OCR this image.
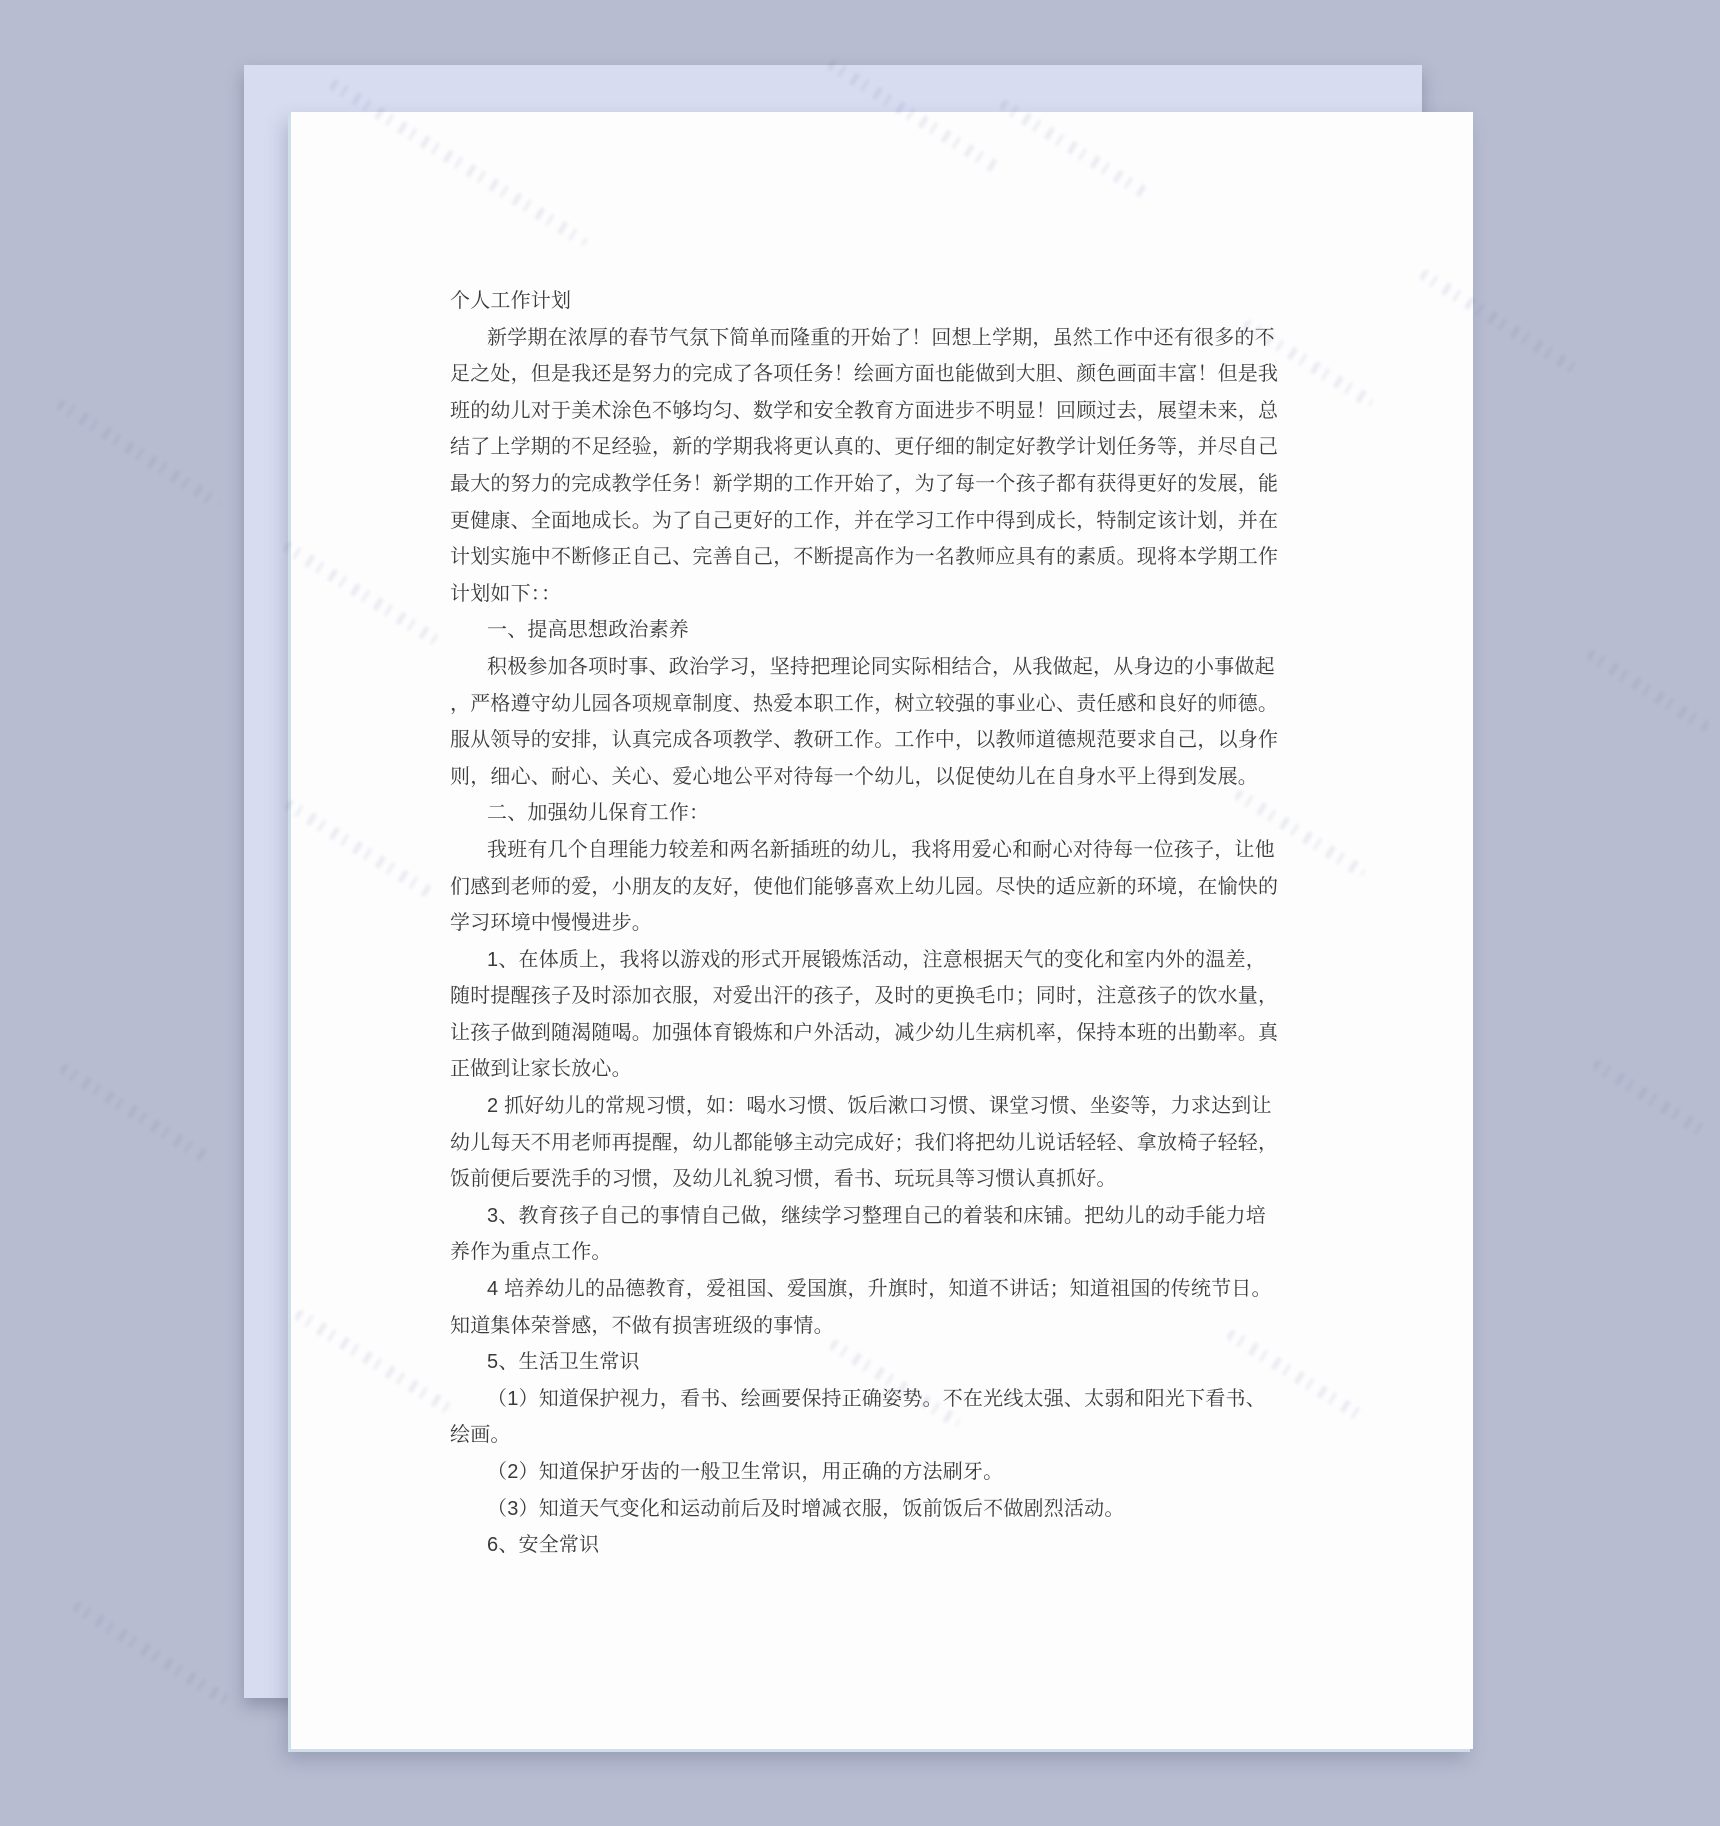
个人工作计划
新学期在浓厚的春节气氛下简单而隆重的开始了！回想上学期，虽然工作中还有很多的不
足之处，但是我还是努力的完成了各项任务！绘画方面也能做到大胆、颜色画面丰富！但是我
班的幼儿对于美术涂色不够均匀、数学和安全教育方面进步不明显！回顾过去，展望未来，总
结了上学期的不足经验，新的学期我将更认真的、更仔细的制定好教学计划任务等，并尽自己
最大的努力的完成教学任务！新学期的工作开始了，为了每一个孩子都有获得更好的发展，能
更健康、全面地成长。为了自己更好的工作，并在学习工作中得到成长，特制定该计划，并在
计划实施中不断修正自己、完善自己，不断提高作为一名教师应具有的素质。现将本学期工作
计划如下：：
一、提高思想政治素养
积极参加各项时事、政治学习，坚持把理论同实际相结合，从我做起，从身边的小事做起
，严格遵守幼儿园各项规章制度、热爱本职工作，树立较强的事业心、责任感和良好的师德。
服从领导的安排，认真完成各项教学、教研工作。工作中，以教师道德规范要求自己，以身作
则，细心、耐心、关心、爱心地公平对待每一个幼儿，以促使幼儿在自身水平上得到发展。
二、加强幼儿保育工作：
我班有几个自理能力较差和两名新插班的幼儿，我将用爱心和耐心对待每一位孩子，让他
们感到老师的爱，小朋友的友好，使他们能够喜欢上幼儿园。尽快的适应新的环境，在愉快的
学习环境中慢慢进步。
1、在体质上，我将以游戏的形式开展锻炼活动，注意根据天气的变化和室内外的温差，
随时提醒孩子及时添加衣服，对爱出汗的孩子，及时的更换毛巾；同时，注意孩子的饮水量，
让孩子做到随渴随喝。加强体育锻炼和户外活动，减少幼儿生病机率，保持本班的出勤率。真
正做到让家长放心。
2 抓好幼儿的常规习惯，如：喝水习惯、饭后漱口习惯、课堂习惯、坐姿等，力求达到让
幼儿每天不用老师再提醒，幼儿都能够主动完成好；我们将把幼儿说话轻轻、拿放椅子轻轻，
饭前便后要洗手的习惯，及幼儿礼貌习惯，看书、玩玩具等习惯认真抓好。
3、教育孩子自己的事情自己做，继续学习整理自己的着装和床铺。把幼儿的动手能力培
养作为重点工作。
4 培养幼儿的品德教育，爱祖国、爱国旗，升旗时，知道不讲话；知道祖国的传统节日。
知道集体荣誉感，不做有损害班级的事情。
5、生活卫生常识
（1）知道保护视力，看书、绘画要保持正确姿势。不在光线太强、太弱和阳光下看书、
绘画。
（2）知道保护牙齿的一般卫生常识，用正确的方法刷牙。
（3）知道天气变化和运动前后及时增减衣服，饭前饭后不做剧烈活动。
6、安全常识
